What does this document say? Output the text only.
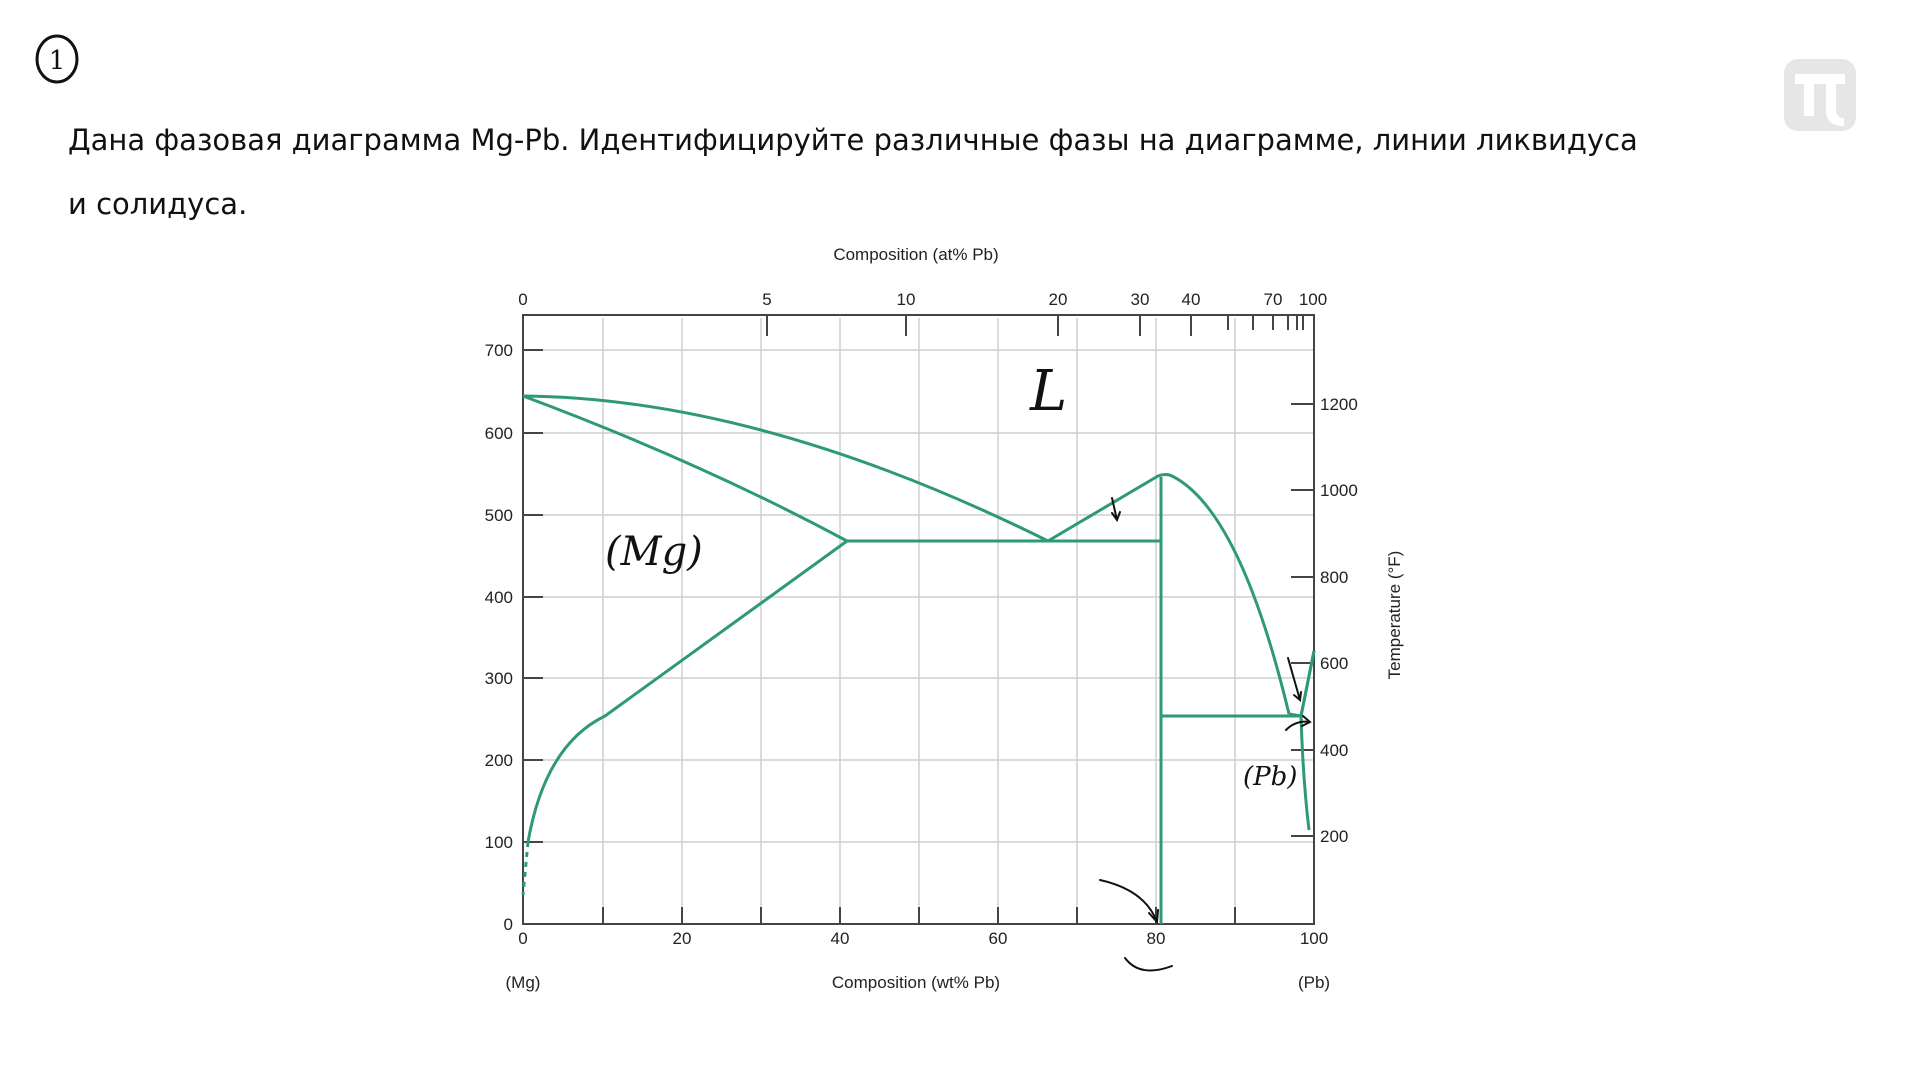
1
Дана фазовая диаграмма Mg-Pb. Идентифицируйте различные фазы на диаграмме, линии ликвидуса
и солидуса.
Composition (at% Pb)
0	5	10	20	30 40	70 100
0
100
200
300
400
500
600
700
200
400
600
800
1000
1200
Temperature (°F)
0	20	40	60	80	100
(Mg)	Composition (wt% Pb)	(Pb)
L
(Mg)
(Pb)
